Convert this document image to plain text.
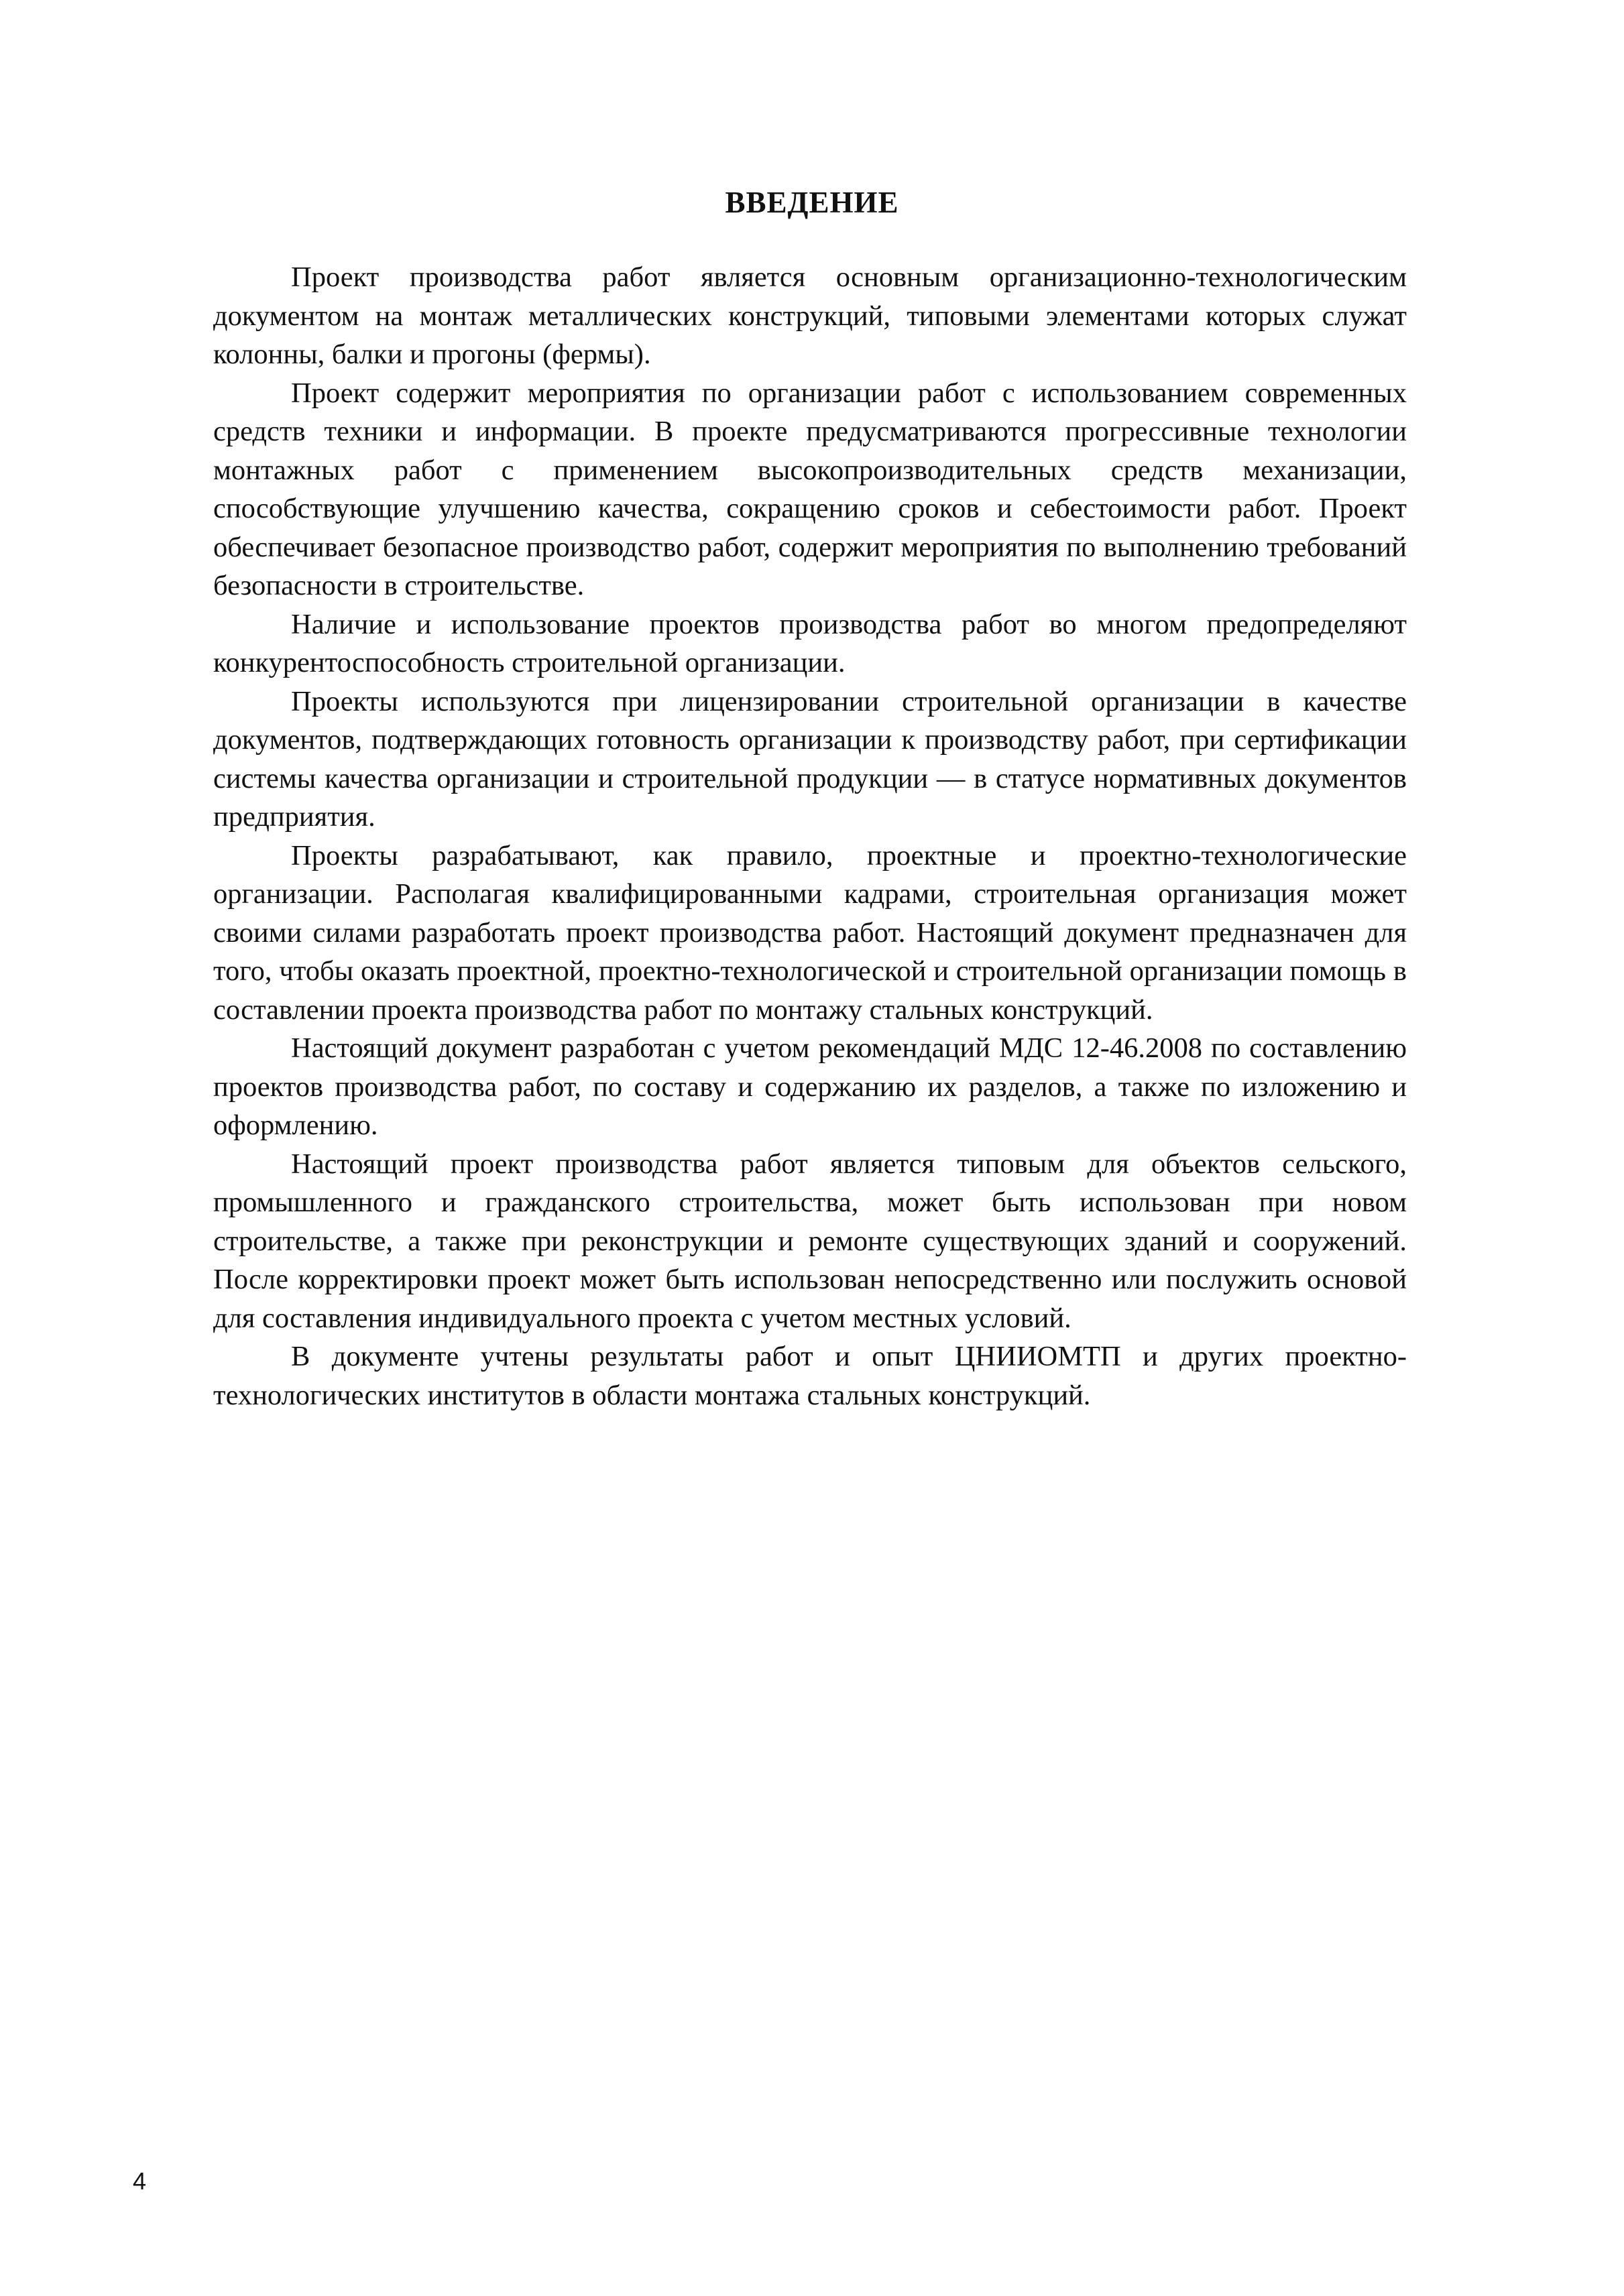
ВВЕДЕНИЕ

Проект производства работ является основным организационно-технологическим документом на монтаж металлических конструкций, типовыми элементами которых служат колонны, балки и прогоны (фермы).

Проект содержит мероприятия по организации работ с использованием современных средств техники и информации. В проекте предусматриваются прогрессивные технологии монтажных работ с применением высокопроизводительных средств механизации, способствующие улучшению качества, сокращению сроков и себестоимости работ. Проект обеспечивает безопасное производство работ, содержит мероприятия по выполнению требований безопасности в строительстве.

Наличие и использование проектов производства работ во многом предопределяют конкурентоспособность строительной организации.

Проекты используются при лицензировании строительной организации в качестве документов, подтверждающих готовность организации к производству работ, при сертификации системы качества организации и строительной продукции — в статусе нормативных документов предприятия.

Проекты разрабатывают, как правило, проектные и проектно-технологические организации. Располагая квалифицированными кадрами, строительная организация может своими силами разработать проект производства работ. Настоящий документ предназначен для того, чтобы оказать проектной, проектно-технологической и строительной организации помощь в составлении проекта производства работ по монтажу стальных конструкций.

Настоящий документ разработан с учетом рекомендаций МДС 12-46.2008 по составлению проектов производства работ, по составу и содержанию их разделов, а также по изложению и оформлению.

Настоящий проект производства работ является типовым для объектов сельского, промышленного и гражданского строительства, может быть использован при новом строительстве, а также при реконструкции и ремонте существующих зданий и сооружений. После корректировки проект может быть использован непосредственно или послужить основой для составления индивидуального проекта с учетом местных условий.

В документе учтены результаты работ и опыт ЦНИИОМТП и других проектно-технологических институтов в области монтажа стальных конструкций.

4
